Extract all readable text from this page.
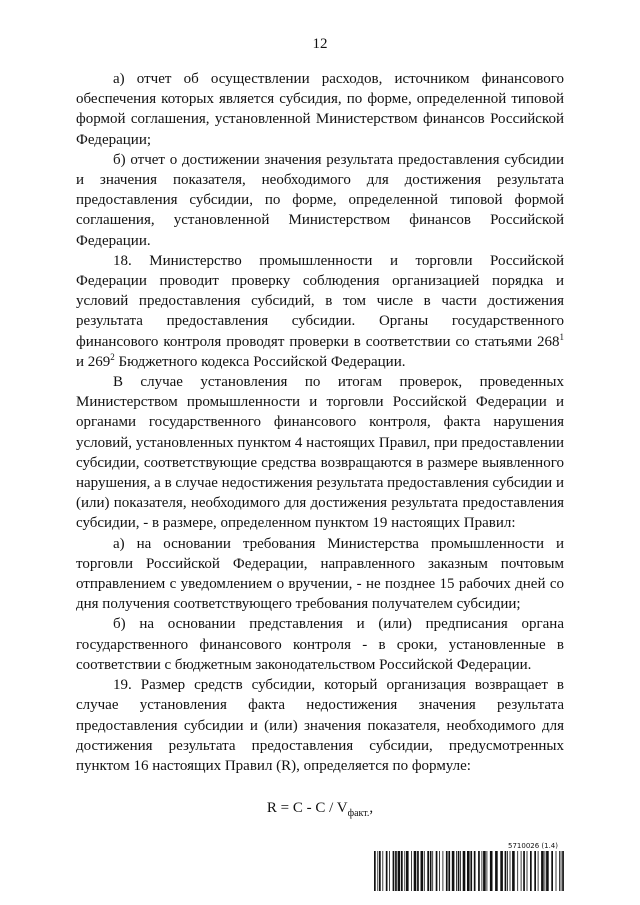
12

а) отчет об осуществлении расходов, источником финансового обеспечения которых является субсидия, по форме, определенной типовой формой соглашения, установленной Министерством финансов Российской Федерации;

б) отчет о достижении значения результата предоставления субсидии и значения показателя, необходимого для достижения результата предоставления субсидии, по форме, определенной типовой формой соглашения, установленной Министерством финансов Российской Федерации.

18. Министерство промышленности и торговли Российской Федерации проводит проверку соблюдения организацией порядка и условий предоставления субсидий, в том числе в части достижения результата предоставления субсидии. Органы государственного финансового контроля проводят проверки в соответствии со статьями $268^1$ и $269^2$ Бюджетного кодекса Российской Федерации.

В случае установления по итогам проверок, проведенных Министерством промышленности и торговли Российской Федерации и органами государственного финансового контроля, факта нарушения условий, установленных пунктом 4 настоящих Правил, при предоставлении субсидии, соответствующие средства возвращаются в размере выявленного нарушения, а в случае недостижения результата предоставления субсидии и (или) показателя, необходимого для достижения результата предоставления субсидии, - в размере, определенном пунктом 19 настоящих Правил:

а) на основании требования Министерства промышленности и торговли Российской Федерации, направленного заказным почтовым отправлением с уведомлением о вручении, - не позднее 15 рабочих дней со дня получения соответствующего требования получателем субсидии;

б) на основании представления и (или) предписания органа государственного финансового контроля - в сроки, установленные в соответствии с бюджетным законодательством Российской Федерации.

19. Размер средств субсидии, который организация возвращает в случае установления факта недостижения значения результата предоставления субсидии и (или) значения показателя, необходимого для достижения результата предоставления субсидии, предусмотренных пунктом 16 настоящих Правил (R), определяется по формуле:

$R = C - C / V_{факт.}$,
5710026 (1.4)
